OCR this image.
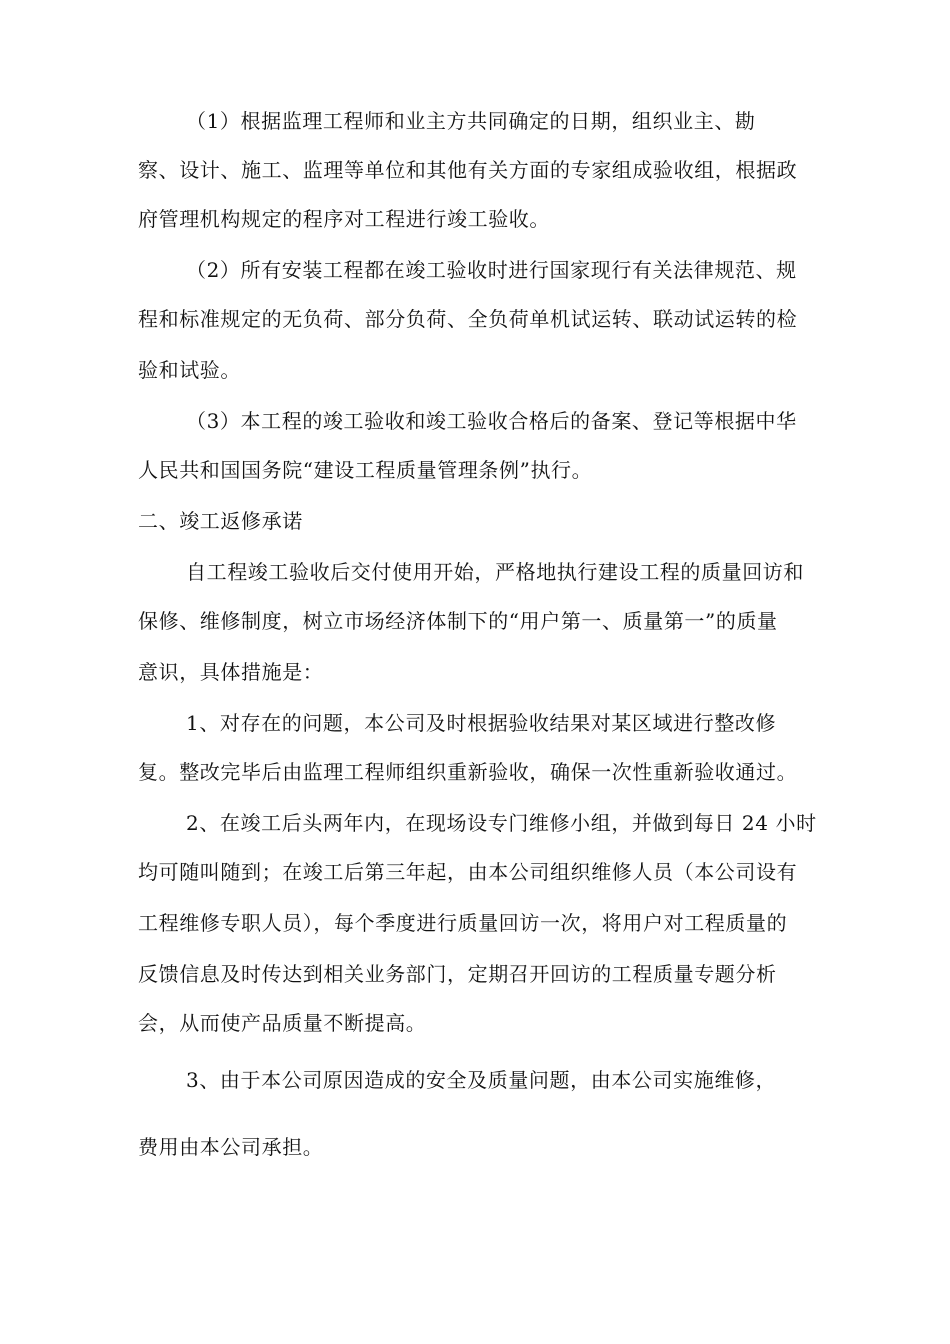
（1）根据监理工程师和业主方共同确定的日期，组织业主、勘
察、设计、施工、监理等单位和其他有关方面的专家组成验收组，根据政
府管理机构规定的程序对工程进行竣工验收。
（2）所有安装工程都在竣工验收时进行国家现行有关法律规范、规
程和标准规定的无负荷、部分负荷、全负荷单机试运转、联动试运转的检
验和试验。
（3）本工程的竣工验收和竣工验收合格后的备案、登记等根据中华
人民共和国国务院“建设工程质量管理条例”执行。
二、竣工返修承诺
自工程竣工验收后交付使用开始，严格地执行建设工程的质量回访和
保修、维修制度，树立市场经济体制下的“用户第一、质量第一”的质量
意识，具体措施是：
1、对存在的问题，本公司及时根据验收结果对某区域进行整改修
复。整改完毕后由监理工程师组织重新验收，确保一次性重新验收通过。
2、在竣工后头两年内，在现场设专门维修小组，并做到每日 24 小时
均可随叫随到；在竣工后第三年起，由本公司组织维修人员（本公司设有
工程维修专职人员），每个季度进行质量回访一次，将用户对工程质量的
反馈信息及时传达到相关业务部门，定期召开回访的工程质量专题分析
会，从而使产品质量不断提高。
3、由于本公司原因造成的安全及质量问题，由本公司实施维修，
费用由本公司承担。
